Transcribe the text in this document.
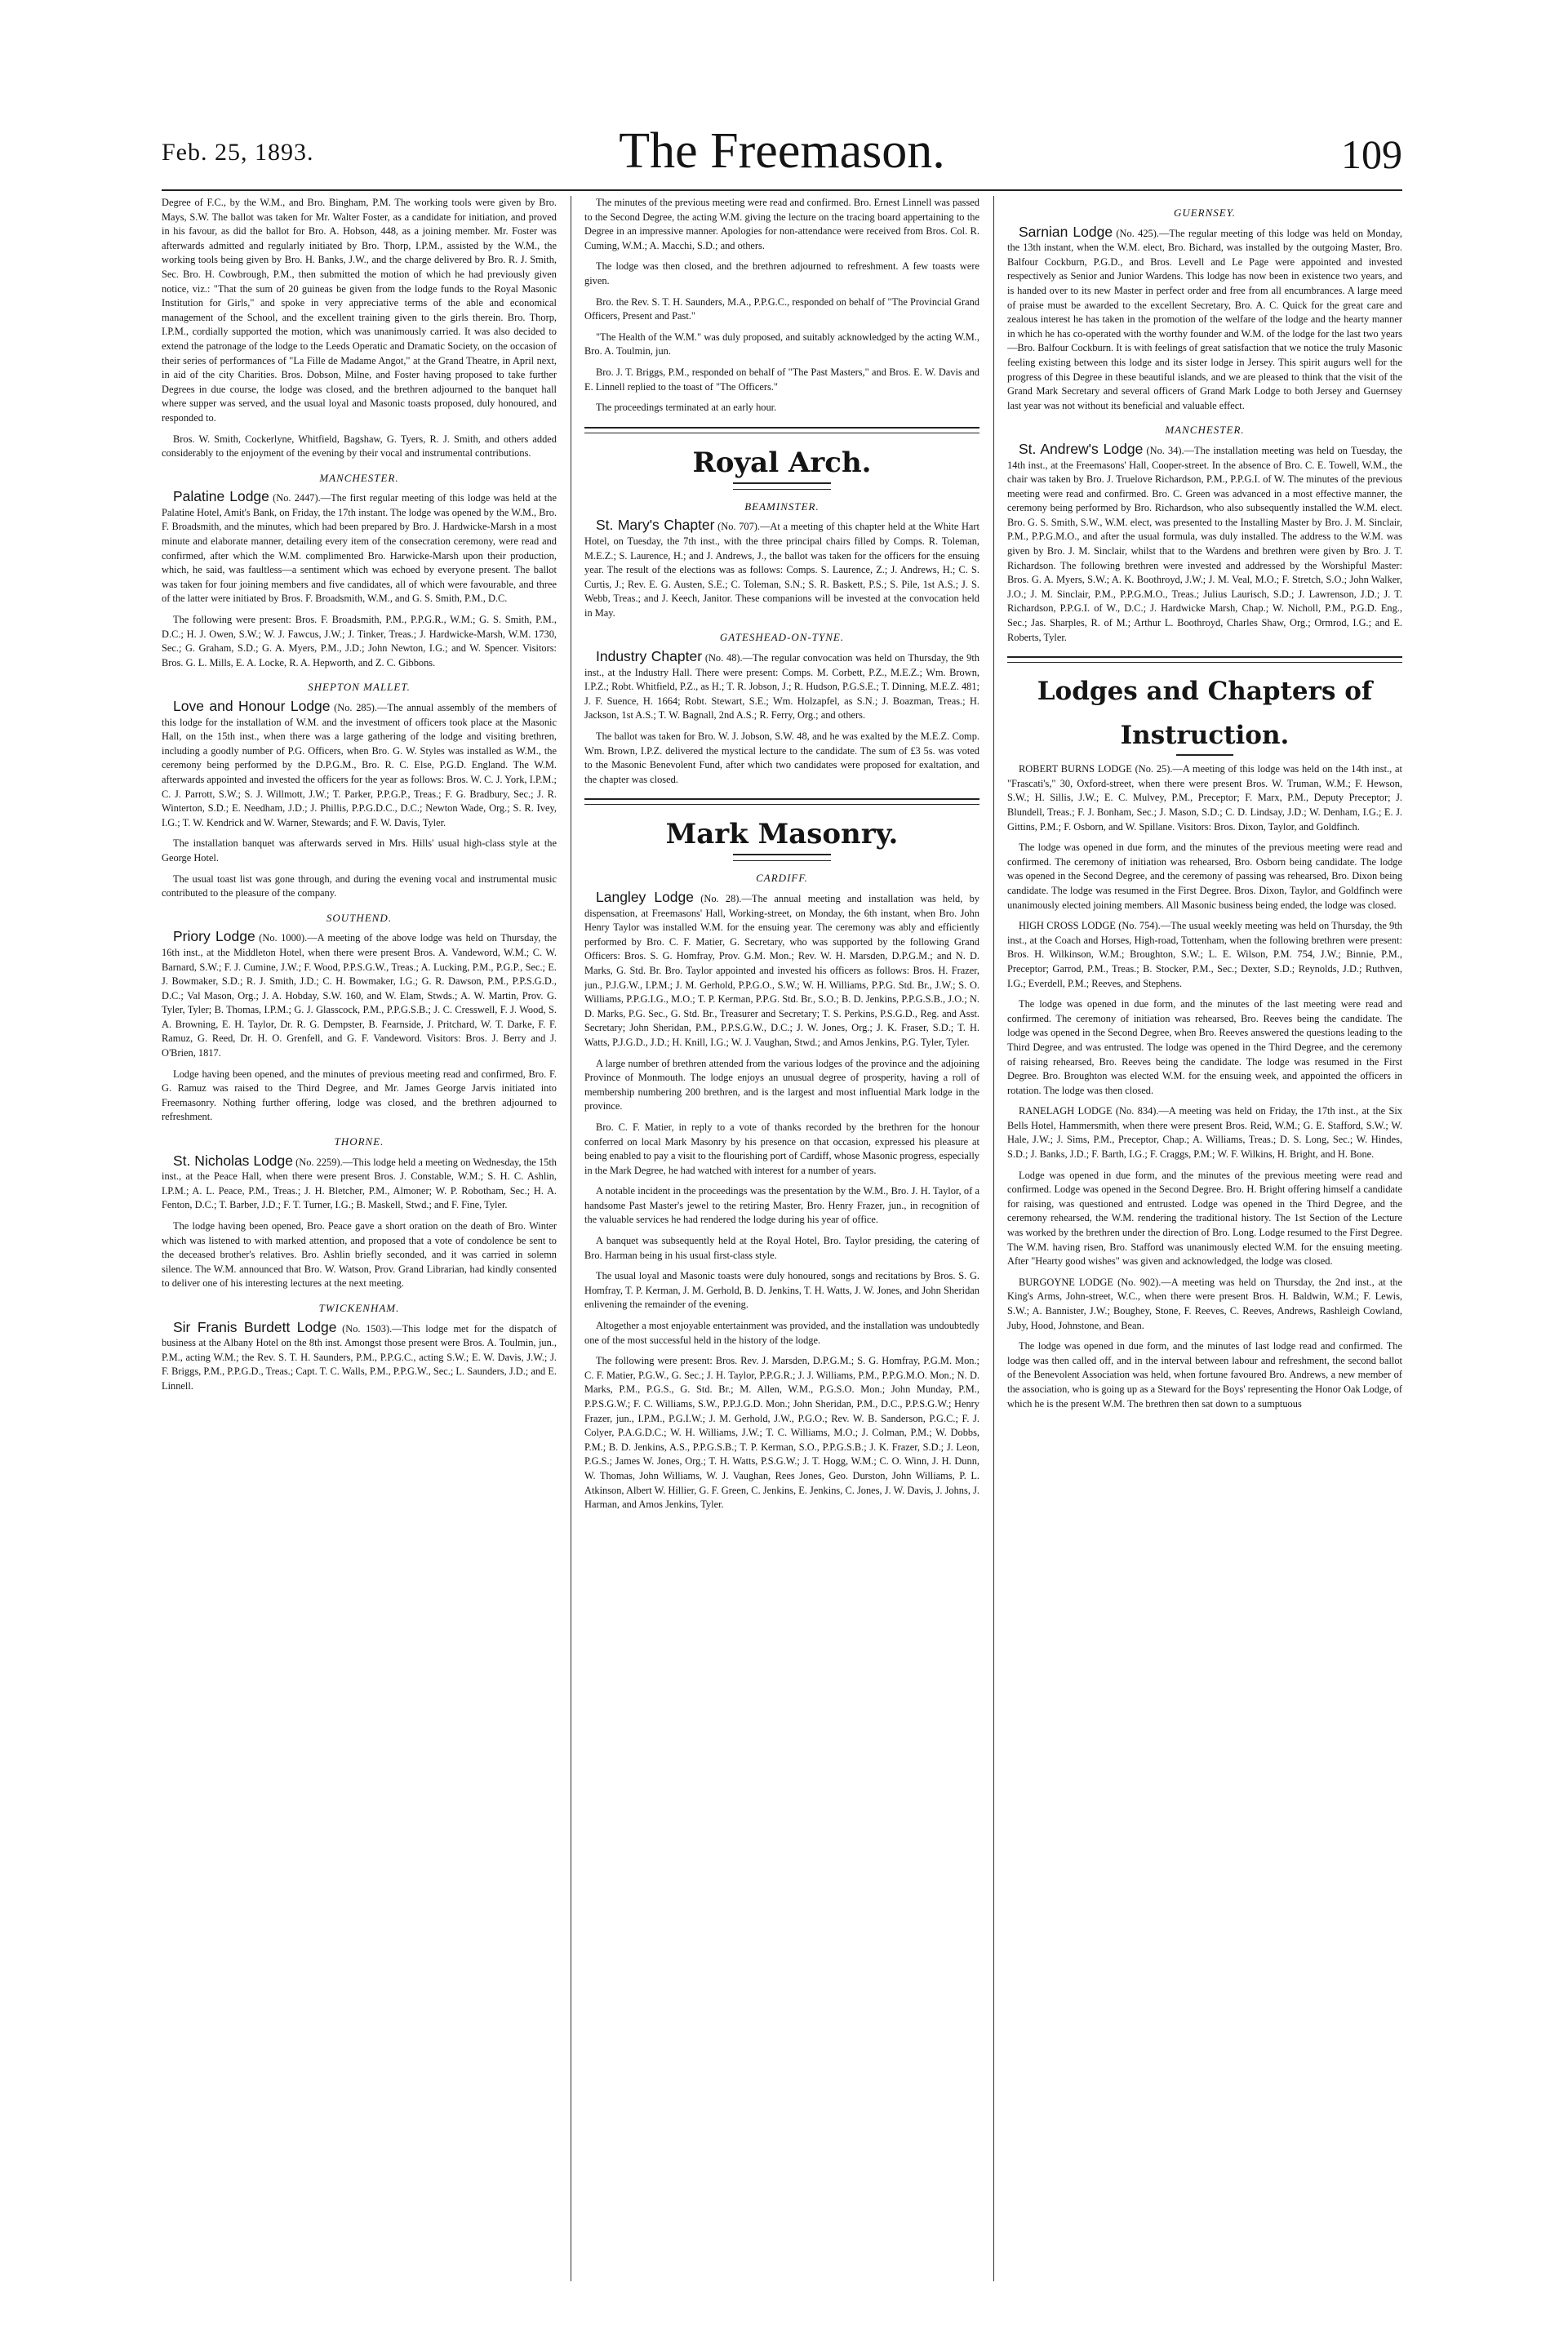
Feb. 25, 1893.	The Freemason.	109

Degree of F.C., by the W.M., and Bro. Bingham, P.M. The working tools were given by Bro. Mays, S.W. The ballot was taken for Mr. Walter Foster, as a candidate for initiation, and proved in his favour, as did the ballot for Bro. A. Hobson, 448, as a joining member. Mr. Foster was afterwards admitted and regularly initiated by Bro. Thorp, I.P.M., assisted by the W.M., the working tools being given by Bro. H. Banks, J.W., and the charge delivered by Bro. R. J. Smith, Sec. Bro. H. Cowbrough, P.M., then submitted the motion of which he had previously given notice, viz.: "That the sum of 20 guineas be given from the lodge funds to the Royal Masonic Institution for Girls," and spoke in very appreciative terms of the able and economical management of the School, and the excellent training given to the girls therein. Bro. Thorp, I.P.M., cordially supported the motion, which was unanimously carried. It was also decided to extend the patronage of the lodge to the Leeds Operatic and Dramatic Society, on the occasion of their series of performances of "La Fille de Madame Angot," at the Grand Theatre, in April next, in aid of the city Charities. Bros. Dobson, Milne, and Foster having proposed to take further Degrees in due course, the lodge was closed, and the brethren adjourned to the banquet hall where supper was served, and the usual loyal and Masonic toasts proposed, duly honoured, and responded to.

Bros. W. Smith, Cockerlyne, Whitfield, Bagshaw, G. Tyers, R. J. Smith, and others added considerably to the enjoyment of the evening by their vocal and instrumental contributions.

MANCHESTER.

Palatine Lodge (No. 2447).—The first regular meeting of this lodge was held at the Palatine Hotel, Amit's Bank, on Friday, the 17th instant. The lodge was opened by the W.M., Bro. F. Broadsmith, and the minutes, which had been prepared by Bro. J. Hardwicke-Marsh in a most minute and elaborate manner, detailing every item of the consecration ceremony, were read and confirmed, after which the W.M. complimented Bro. Harwicke-Marsh upon their production, which, he said, was faultless—a sentiment which was echoed by everyone present. The ballot was taken for four joining members and five candidates, all of which were favourable, and three of the latter were initiated by Bros. F. Broadsmith, W.M., and G. S. Smith, P.M., D.C.

The following were present: Bros. F. Broadsmith, P.M., P.P.G.R., W.M.; G. S. Smith, P.M., D.C.; H. J. Owen, S.W.; W. J. Fawcus, J.W.; J. Tinker, Treas.; J. Hardwicke-Marsh, W.M. 1730, Sec.; G. Graham, S.D.; G. A. Myers, P.M., J.D.; John Newton, I.G.; and W. Spencer. Visitors: Bros. G. L. Mills, E. A. Locke, R. A. Hepworth, and Z. C. Gibbons.

SHEPTON MALLET.

Love and Honour Lodge (No. 285).—The annual assembly of the members of this lodge for the installation of W.M. and the investment of officers took place at the Masonic Hall, on the 15th inst., when there was a large gathering of the lodge and visiting brethren, including a goodly number of P.G. Officers, when Bro. G. W. Styles was installed as W.M., the ceremony being performed by the D.P.G.M., Bro. R. C. Else, P.G.D. England. The W.M. afterwards appointed and invested the officers for the year as follows: Bros. W. C. J. York, I.P.M.; C. J. Parrott, S.W.; S. J. Willmott, J.W.; T. Parker, P.P.G.P., Treas.; F. G. Bradbury, Sec.; J. R. Winterton, S.D.; E. Needham, J.D.; J. Phillis, P.P.G.D.C., D.C.; Newton Wade, Org.; S. R. Ivey, I.G.; T. W. Kendrick and W. Warner, Stewards; and F. W. Davis, Tyler.

The installation banquet was afterwards served in Mrs. Hills' usual high-class style at the George Hotel.

The usual toast list was gone through, and during the evening vocal and instrumental music contributed to the pleasure of the company.

SOUTHEND.

Priory Lodge (No. 1000).—A meeting of the above lodge was held on Thursday, the 16th inst., at the Middleton Hotel, when there were present Bros. A. Vandeword, W.M.; C. W. Barnard, S.W.; F. J. Cumine, J.W.; F. Wood, P.P.S.G.W., Treas.; A. Lucking, P.M., P.G.P., Sec.; E. J. Bowmaker, S.D.; R. J. Smith, J.D.; C. H. Bowmaker, I.G.; G. R. Dawson, P.M., P.P.S.G.D., D.C.; Val Mason, Org.; J. A. Hobday, S.W. 160, and W. Elam, Stwds.; A. W. Martin, Prov. G. Tyler, Tyler; B. Thomas, I.P.M.; G. J. Glasscock, P.M., P.P.G.S.B.; J. C. Cresswell, F. J. Wood, S. A. Browning, E. H. Taylor, Dr. R. G. Dempster, B. Fearnside, J. Pritchard, W. T. Darke, F. F. Ramuz, G. Reed, Dr. H. O. Grenfell, and G. F. Vandeword. Visitors: Bros. J. Berry and J. O'Brien, 1817.

Lodge having been opened, and the minutes of previous meeting read and confirmed, Bro. F. G. Ramuz was raised to the Third Degree, and Mr. James George Jarvis initiated into Freemasonry. Nothing further offering, lodge was closed, and the brethren adjourned to refreshment.

THORNE.

St. Nicholas Lodge (No. 2259).—This lodge held a meeting on Wednesday, the 15th inst., at the Peace Hall, when there were present Bros. J. Constable, W.M.; S. H. C. Ashlin, I.P.M.; A. L. Peace, P.M., Treas.; J. H. Bletcher, P.M., Almoner; W. P. Robotham, Sec.; H. A. Fenton, D.C.; T. Barber, J.D.; F. T. Turner, I.G.; B. Maskell, Stwd.; and F. Fine, Tyler.

The lodge having been opened, Bro. Peace gave a short oration on the death of Bro. Winter which was listened to with marked attention, and proposed that a vote of condolence be sent to the deceased brother's relatives. Bro. Ashlin briefly seconded, and it was carried in solemn silence. The W.M. announced that Bro. W. Watson, Prov. Grand Librarian, had kindly consented to deliver one of his interesting lectures at the next meeting.

TWICKENHAM.

Sir Franis Burdett Lodge (No. 1503).—This lodge met for the dispatch of business at the Albany Hotel on the 8th inst. Amongst those present were Bros. A. Toulmin, jun., P.M., acting W.M.; the Rev. S. T. H. Saunders, P.M., P.P.G.C., acting S.W.; E. W. Davis, J.W.; J. F. Briggs, P.M., P.P.G.D., Treas.; Capt. T. C. Walls, P.M., P.P.G.W., Sec.; L. Saunders, J.D.; and E. Linnell.

The minutes of the previous meeting were read and confirmed. Bro. Ernest Linnell was passed to the Second Degree, the acting W.M. giving the lecture on the tracing board appertaining to the Degree in an impressive manner. Apologies for non-attendance were received from Bros. Col. R. Cuming, W.M.; A. Macchi, S.D.; and others.

The lodge was then closed, and the brethren adjourned to refreshment. A few toasts were given.

Bro. the Rev. S. T. H. Saunders, M.A., P.P.G.C., responded on behalf of "The Provincial Grand Officers, Present and Past."

"The Health of the W.M." was duly proposed, and suitably acknowledged by the acting W.M., Bro. A. Toulmin, jun.

Bro. J. T. Briggs, P.M., responded on behalf of "The Past Masters," and Bros. E. W. Davis and E. Linnell replied to the toast of "The Officers."

The proceedings terminated at an early hour.

Royal Arch.
BEAMINSTER.

St. Mary's Chapter (No. 707).—At a meeting of this chapter held at the White Hart Hotel, on Tuesday, the 7th inst., with the three principal chairs filled by Comps. R. Toleman, M.E.Z.; S. Laurence, H.; and J. Andrews, J., the ballot was taken for the officers for the ensuing year. The result of the elections was as follows: Comps. S. Laurence, Z.; J. Andrews, H.; C. S. Curtis, J.; Rev. E. G. Austen, S.E.; C. Toleman, S.N.; S. R. Baskett, P.S.; S. Pile, 1st A.S.; J. S. Webb, Treas.; and J. Keech, Janitor. These companions will be invested at the convocation held in May.

GATESHEAD-ON-TYNE.

Industry Chapter (No. 48).—The regular convocation was held on Thursday, the 9th inst., at the Industry Hall. There were present: Comps. M. Corbett, P.Z., M.E.Z.; Wm. Brown, I.P.Z.; Robt. Whitfield, P.Z., as H.; T. R. Jobson, J.; R. Hudson, P.G.S.E.; T. Dinning, M.E.Z. 481; J. F. Suence, H. 1664; Robt. Stewart, S.E.; Wm. Holzapfel, as S.N.; J. Boazman, Treas.; H. Jackson, 1st A.S.; T. W. Bagnall, 2nd A.S.; R. Ferry, Org.; and others.

The ballot was taken for Bro. W. J. Jobson, S.W. 48, and he was exalted by the M.E.Z. Comp. Wm. Brown, I.P.Z. delivered the mystical lecture to the candidate. The sum of £3 5s. was voted to the Masonic Benevolent Fund, after which two candidates were proposed for exaltation, and the chapter was closed.

Mark Masonry.
CARDIFF.

Langley Lodge (No. 28).—The annual meeting and installation was held, by dispensation, at Freemasons' Hall, Working-street, on Monday, the 6th instant, when Bro. John Henry Taylor was installed W.M. for the ensuing year. The ceremony was ably and efficiently performed by Bro. C. F. Matier, G. Secretary, who was supported by the following Grand Officers: Bros. S. G. Homfray, Prov. G.M. Mon.; Rev. W. H. Marsden, D.P.G.M.; and N. D. Marks, G. Std. Br. Bro. Taylor appointed and invested his officers as follows: Bros. H. Frazer, jun., P.J.G.W., I.P.M.; J. M. Gerhold, P.P.G.O., S.W.; W. H. Williams, P.P.G. Std. Br., J.W.; S. O. Williams, P.P.G.I.G., M.O.; T. P. Kerman, P.P.G. Std. Br., S.O.; B. D. Jenkins, P.P.G.S.B., J.O.; N. D. Marks, P.G. Sec., G. Std. Br., Treasurer and Secretary; T. S. Perkins, P.S.G.D., Reg. and Asst. Secretary; John Sheridan, P.M., P.P.S.G.W., D.C.; J. W. Jones, Org.; J. K. Fraser, S.D.; T. H. Watts, P.J.G.D., J.D.; H. Knill, I.G.; W. J. Vaughan, Stwd.; and Amos Jenkins, P.G. Tyler, Tyler.

A large number of brethren attended from the various lodges of the province and the adjoining Province of Monmouth. The lodge enjoys an unusual degree of prosperity, having a roll of membership numbering 200 brethren, and is the largest and most influential Mark lodge in the province.

Bro. C. F. Matier, in reply to a vote of thanks recorded by the brethren for the honour conferred on local Mark Masonry by his presence on that occasion, expressed his pleasure at being enabled to pay a visit to the flourishing port of Cardiff, whose Masonic progress, especially in the Mark Degree, he had watched with interest for a number of years.

A notable incident in the proceedings was the presentation by the W.M., Bro. J. H. Taylor, of a handsome Past Master's jewel to the retiring Master, Bro. Henry Frazer, jun., in recognition of the valuable services he had rendered the lodge during his year of office.

A banquet was subsequently held at the Royal Hotel, Bro. Taylor presiding, the catering of Bro. Harman being in his usual first-class style.

The usual loyal and Masonic toasts were duly honoured, songs and recitations by Bros. S. G. Homfray, T. P. Kerman, J. M. Gerhold, B. D. Jenkins, T. H. Watts, J. W. Jones, and John Sheridan enlivening the remainder of the evening.

Altogether a most enjoyable entertainment was provided, and the installation was undoubtedly one of the most successful held in the history of the lodge.

The following were present: Bros. Rev. J. Marsden, D.P.G.M.; S. G. Homfray, P.G.M. Mon.; C. F. Matier, P.G.W., G. Sec.; J. H. Taylor, P.P.G.R.; J. J. Williams, P.M., P.P.G.M.O. Mon.; N. D. Marks, P.M., P.G.S., G. Std. Br.; M. Allen, W.M., P.G.S.O. Mon.; John Munday, P.M., P.P.S.G.W.; F. C. Williams, S.W., P.P.J.G.D. Mon.; John Sheridan, P.M., D.C., P.P.S.G.W.; Henry Frazer, jun., I.P.M., P.G.I.W.; J. M. Gerhold, J.W., P.G.O.; Rev. W. B. Sanderson, P.G.C.; F. J. Colyer, P.A.G.D.C.; W. H. Williams, J.W.; T. C. Williams, M.O.; J. Colman, P.M.; W. Dobbs, P.M.; B. D. Jenkins, A.S., P.P.G.S.B.; T. P. Kerman, S.O., P.P.G.S.B.; J. K. Frazer, S.D.; J. Leon, P.G.S.; James W. Jones, Org.; T. H. Watts, P.S.G.W.; J. T. Hogg, W.M.; C. O. Winn, J. H. Dunn, W. Thomas, John Williams, W. J. Vaughan, Rees Jones, Geo. Durston, John Williams, P. L. Atkinson, Albert W. Hillier, G. F. Green, C. Jenkins, E. Jenkins, C. Jones, J. W. Davis, J. Johns, J. Harman, and Amos Jenkins, Tyler.

GUERNSEY.

Sarnian Lodge (No. 425).—The regular meeting of this lodge was held on Monday, the 13th instant, when the W.M. elect, Bro. Bichard, was installed by the outgoing Master, Bro. Balfour Cockburn, P.G.D., and Bros. Levell and Le Page were appointed and invested respectively as Senior and Junior Wardens. This lodge has now been in existence two years, and is handed over to its new Master in perfect order and free from all encumbrances. A large meed of praise must be awarded to the excellent Secretary, Bro. A. C. Quick for the great care and zealous interest he has taken in the promotion of the welfare of the lodge and the hearty manner in which he has co-operated with the worthy founder and W.M. of the lodge for the last two years—Bro. Balfour Cockburn. It is with feelings of great satisfaction that we notice the truly Masonic feeling existing between this lodge and its sister lodge in Jersey. This spirit augurs well for the progress of this Degree in these beautiful islands, and we are pleased to think that the visit of the Grand Mark Secretary and several officers of Grand Mark Lodge to both Jersey and Guernsey last year was not without its beneficial and valuable effect.

MANCHESTER.

St. Andrew's Lodge (No. 34).—The installation meeting was held on Tuesday, the 14th inst., at the Freemasons' Hall, Cooper-street. In the absence of Bro. C. E. Towell, W.M., the chair was taken by Bro. J. Truelove Richardson, P.M., P.P.G.I. of W. The minutes of the previous meeting were read and confirmed. Bro. C. Green was advanced in a most effective manner, the ceremony being performed by Bro. Richardson, who also subsequently installed the W.M. elect. Bro. G. S. Smith, S.W., W.M. elect, was presented to the Installing Master by Bro. J. M. Sinclair, P.M., P.P.G.M.O., and after the usual formula, was duly installed. The address to the W.M. was given by Bro. J. M. Sinclair, whilst that to the Wardens and brethren were given by Bro. J. T. Richardson. The following brethren were invested and addressed by the Worshipful Master: Bros. G. A. Myers, S.W.; A. K. Boothroyd, J.W.; J. M. Veal, M.O.; F. Stretch, S.O.; John Walker, J.O.; J. M. Sinclair, P.M., P.P.G.M.O., Treas.; Julius Laurisch, S.D.; J. Lawrenson, J.D.; J. T. Richardson, P.P.G.I. of W., D.C.; J. Hardwicke Marsh, Chap.; W. Nicholl, P.M., P.G.D. Eng., Sec.; Jas. Sharples, R. of M.; Arthur L. Boothroyd, Charles Shaw, Org.; Ormrod, I.G.; and E. Roberts, Tyler.

Lodges and Chapters of
Instruction.

ROBERT BURNS LODGE (No. 25).—A meeting of this lodge was held on the 14th inst., at "Frascati's," 30, Oxford-street, when there were present Bros. W. Truman, W.M.; F. Hewson, S.W.; H. Sillis, J.W.; E. C. Mulvey, P.M., Preceptor; F. Marx, P.M., Deputy Preceptor; J. Blundell, Treas.; F. J. Bonham, Sec.; J. Mason, S.D.; C. D. Lindsay, J.D.; W. Denham, I.G.; E. J. Gittins, P.M.; F. Osborn, and W. Spillane. Visitors: Bros. Dixon, Taylor, and Goldfinch.

The lodge was opened in due form, and the minutes of the previous meeting were read and confirmed. The ceremony of initiation was rehearsed, Bro. Osborn being candidate. The lodge was opened in the Second Degree, and the ceremony of passing was rehearsed, Bro. Dixon being candidate. The lodge was resumed in the First Degree. Bros. Dixon, Taylor, and Goldfinch were unanimously elected joining members. All Masonic business being ended, the lodge was closed.

HIGH CROSS LODGE (No. 754).—The usual weekly meeting was held on Thursday, the 9th inst., at the Coach and Horses, High-road, Tottenham, when the following brethren were present: Bros. H. Wilkinson, W.M.; Broughton, S.W.; L. E. Wilson, P.M. 754, J.W.; Binnie, P.M., Preceptor; Garrod, P.M., Treas.; B. Stocker, P.M., Sec.; Dexter, S.D.; Reynolds, J.D.; Ruthven, I.G.; Everdell, P.M.; Reeves, and Stephens.

The lodge was opened in due form, and the minutes of the last meeting were read and confirmed. The ceremony of initiation was rehearsed, Bro. Reeves being the candidate. The lodge was opened in the Second Degree, when Bro. Reeves answered the questions leading to the Third Degree, and was entrusted. The lodge was opened in the Third Degree, and the ceremony of raising rehearsed, Bro. Reeves being the candidate. The lodge was resumed in the First Degree. Bro. Broughton was elected W.M. for the ensuing week, and appointed the officers in rotation. The lodge was then closed.

RANELAGH LODGE (No. 834).—A meeting was held on Friday, the 17th inst., at the Six Bells Hotel, Hammersmith, when there were present Bros. Reid, W.M.; G. E. Stafford, S.W.; W. Hale, J.W.; J. Sims, P.M., Preceptor, Chap.; A. Williams, Treas.; D. S. Long, Sec.; W. Hindes, S.D.; J. Banks, J.D.; F. Barth, I.G.; F. Craggs, P.M.; W. F. Wilkins, H. Bright, and H. Bone.

Lodge was opened in due form, and the minutes of the previous meeting were read and confirmed. Lodge was opened in the Second Degree. Bro. H. Bright offering himself a candidate for raising, was questioned and entrusted. Lodge was opened in the Third Degree, and the ceremony rehearsed, the W.M. rendering the traditional history. The 1st Section of the Lecture was worked by the brethren under the direction of Bro. Long. Lodge resumed to the First Degree. The W.M. having risen, Bro. Stafford was unanimously elected W.M. for the ensuing meeting. After "Hearty good wishes" was given and acknowledged, the lodge was closed.

BURGOYNE LODGE (No. 902).—A meeting was held on Thursday, the 2nd inst., at the King's Arms, John-street, W.C., when there were present Bros. H. Baldwin, W.M.; F. Lewis, S.W.; A. Bannister, J.W.; Boughey, Stone, F. Reeves, C. Reeves, Andrews, Rashleigh Cowland, Juby, Hood, Johnstone, and Bean.

The lodge was opened in due form, and the minutes of last lodge read and confirmed. The lodge was then called off, and in the interval between labour and refreshment, the second ballot of the Benevolent Association was held, when fortune favoured Bro. Andrews, a new member of the association, who is going up as a Steward for the Boys' representing the Honor Oak Lodge, of which he is the present W.M. The brethren then sat down to a sumptuous
